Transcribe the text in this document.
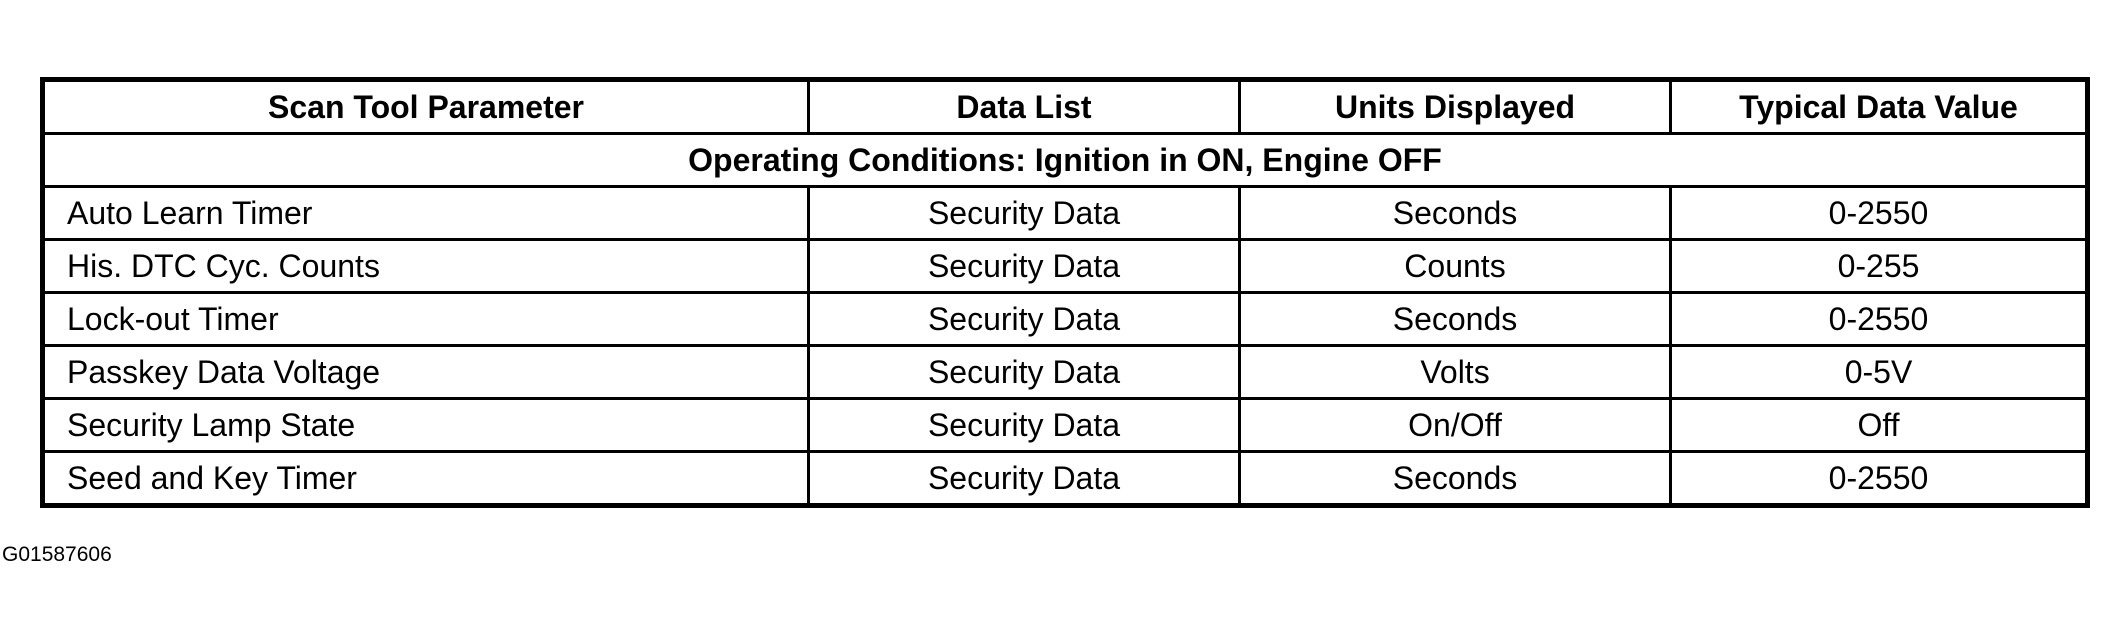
Scan Tool Parameter	Data List	Units Displayed	Typical Data Value
Operating Conditions: Ignition in ON, Engine OFF			
Auto Learn Timer	Security Data	Seconds	0-2550
His. DTC Cyc. Counts	Security Data	Counts	0-255
Lock-out Timer	Security Data	Seconds	0-2550
Passkey Data Voltage	Security Data	Volts	0-5V
Security Lamp State	Security Data	On/Off	Off
Seed and Key Timer	Security Data	Seconds	0-2550
G01587606
